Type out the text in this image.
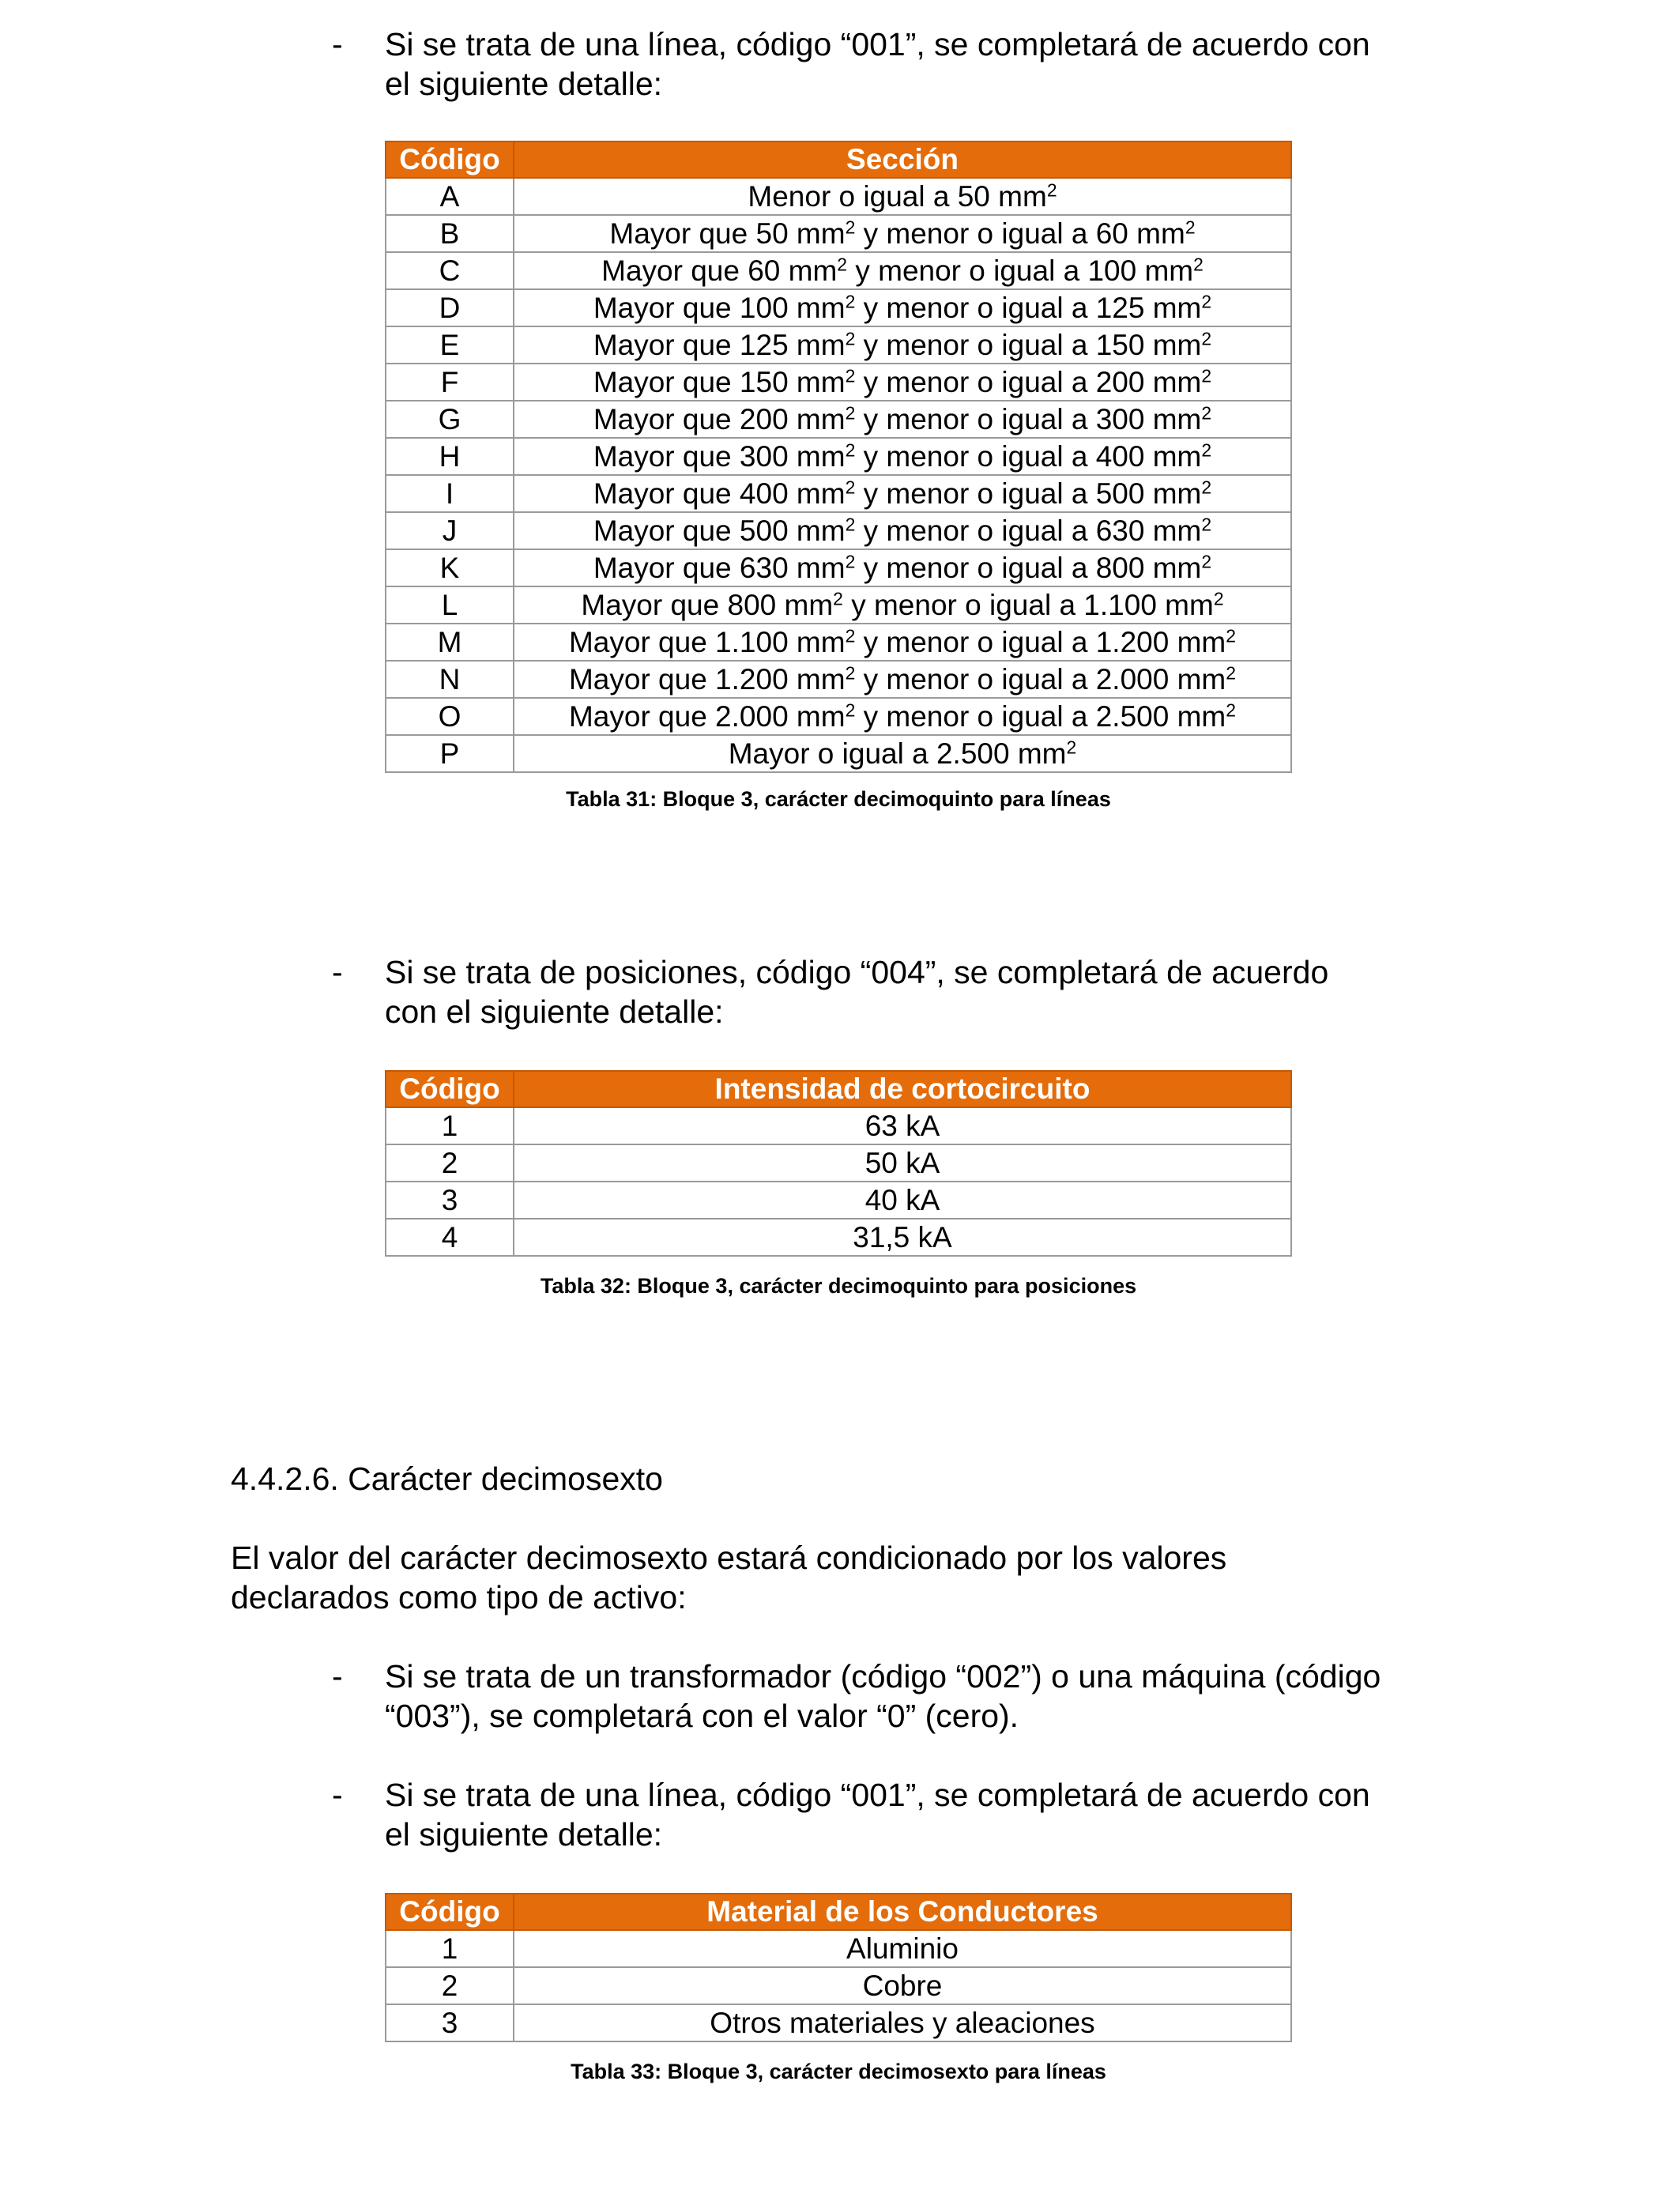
-	Si se trata de una línea, código “001”, se completará de acuerdo con
el siguiente detalle:
Código	Sección
A	Menor o igual a 50 $mm^2$
B	Mayor que 50 $mm^2$ y menor o igual a 60 $mm^2$
C	Mayor que 60 $mm^2$ y menor o igual a 100 $mm^2$
D	Mayor que 100 $mm^2$ y menor o igual a 125 $mm^2$
E	Mayor que 125 $mm^2$ y menor o igual a 150 $mm^2$
F	Mayor que 150 $mm^2$ y menor o igual a 200 $mm^2$
G	Mayor que 200 $mm^2$ y menor o igual a 300 $mm^2$
H	Mayor que 300 $mm^2$ y menor o igual a 400 $mm^2$
I	Mayor que 400 $mm^2$ y menor o igual a 500 $mm^2$
J	Mayor que 500 $mm^2$ y menor o igual a 630 $mm^2$
K	Mayor que 630 $mm^2$ y menor o igual a 800 $mm^2$
L	Mayor que 800 $mm^2$ y menor o igual a 1.100 $mm^2$
M	Mayor que 1.100 $mm^2$ y menor o igual a 1.200 $mm^2$
N	Mayor que 1.200 $mm^2$ y menor o igual a 2.000 $mm^2$
O	Mayor que 2.000 $mm^2$ y menor o igual a 2.500 $mm^2$
P	Mayor o igual a 2.500 $mm^2$
Tabla 31: Bloque 3, carácter decimoquinto para líneas
-	Si se trata de posiciones, código “004”, se completará de acuerdo
con el siguiente detalle:
Código	Intensidad de cortocircuito
1	63 kA
2	50 kA
3	40 kA
4	31,5 kA
Tabla 32: Bloque 3, carácter decimoquinto para posiciones
4.4.2.6. Carácter decimosexto
El valor del carácter decimosexto estará condicionado por los valores
declarados como tipo de activo:
-	Si se trata de un transformador (código “002”) o una máquina (código
“003”), se completará con el valor “0” (cero).
-	Si se trata de una línea, código “001”, se completará de acuerdo con
el siguiente detalle:
Código	Material de los Conductores
1	Aluminio
2	Cobre
3	Otros materiales y aleaciones
Tabla 33: Bloque 3, carácter decimosexto para líneas
